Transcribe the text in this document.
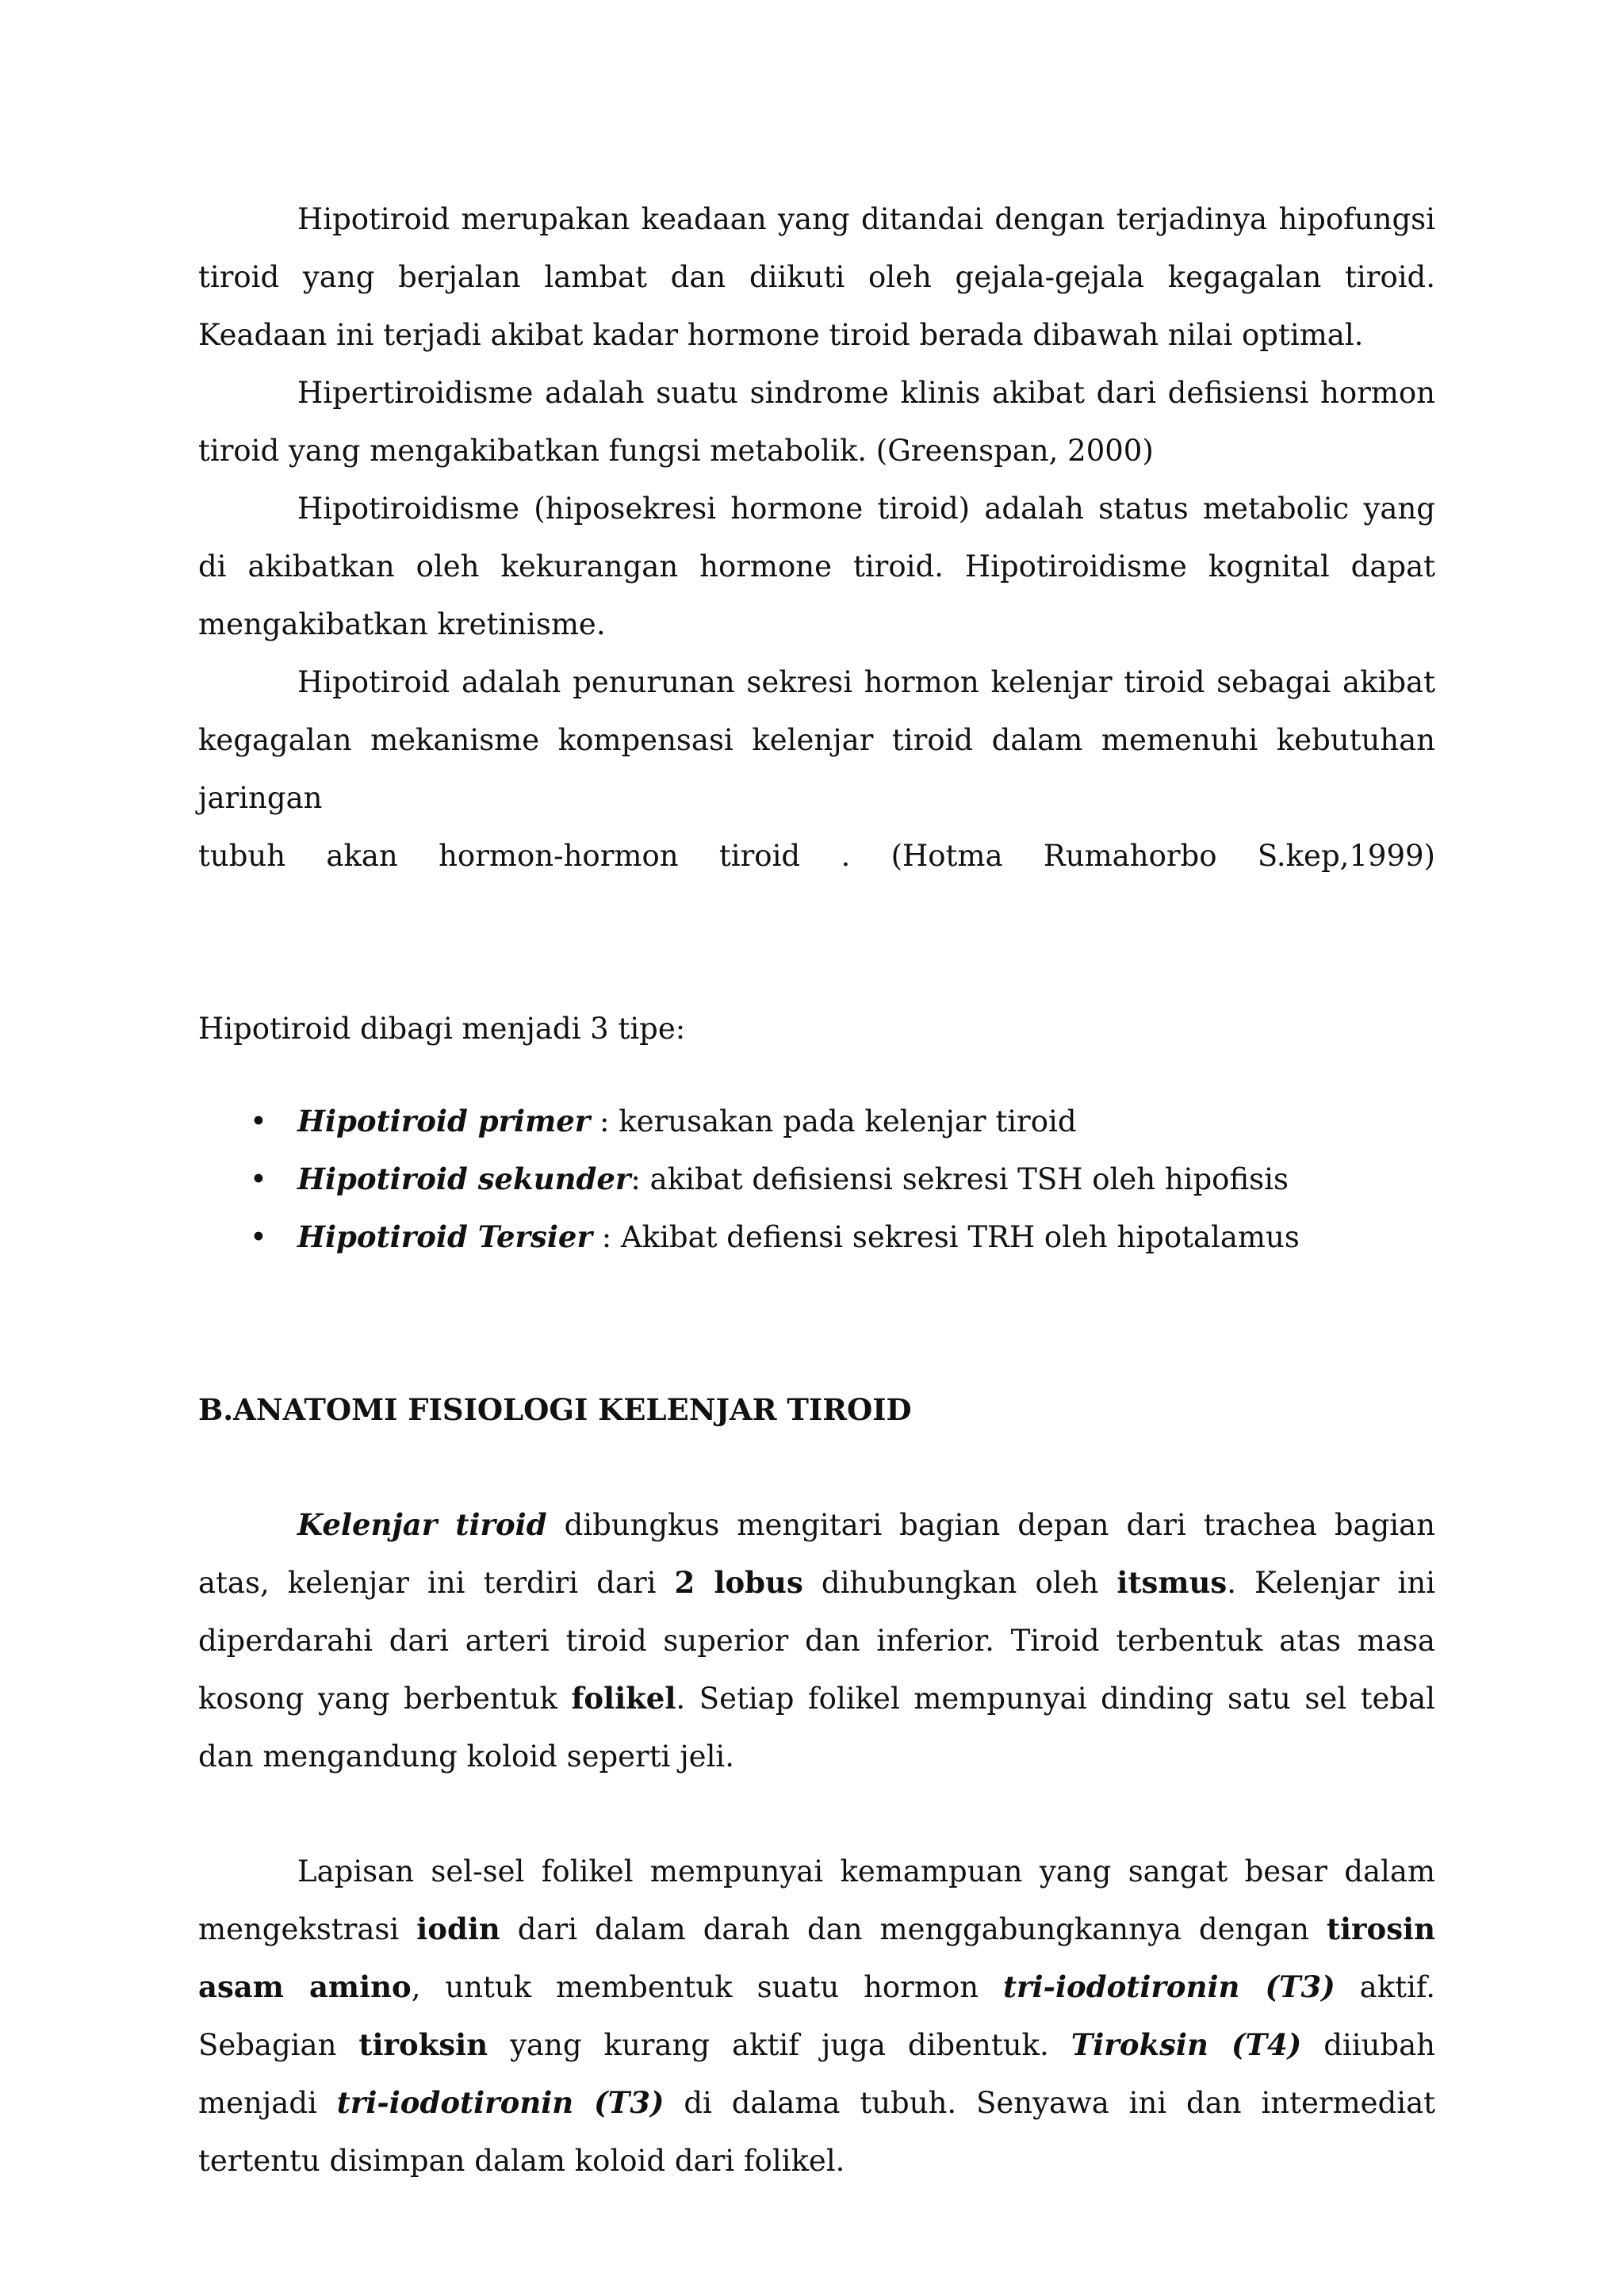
Hipotiroid merupakan keadaan yang ditandai dengan terjadinya hipofungsi tiroid yang berjalan lambat dan diikuti oleh gejala-gejala kegagalan tiroid. Keadaan ini terjadi akibat kadar hormone tiroid berada dibawah nilai optimal.

Hipertiroidisme adalah suatu sindrome klinis akibat dari defisiensi hormon tiroid yang mengakibatkan fungsi metabolik. (Greenspan, 2000)

Hipotiroidisme (hiposekresi hormone tiroid) adalah status metabolic yang di akibatkan oleh kekurangan hormone tiroid. Hipotiroidisme kognital dapat mengakibatkan kretinisme.

Hipotiroid adalah penurunan sekresi hormon kelenjar tiroid sebagai akibat kegagalan mekanisme kompensasi kelenjar tiroid dalam memenuhi kebutuhan jaringan

tubuh akan hormon-hormon tiroid . (Hotma Rumahorbo S.kep,1999)

Hipotiroid dibagi menjadi 3 tipe:

• Hipotiroid primer : kerusakan pada kelenjar tiroid
• Hipotiroid sekunder: akibat defisiensi sekresi TSH oleh hipofisis
• Hipotiroid Tersier : Akibat defiensi sekresi TRH oleh hipotalamus
B.ANATOMI FISIOLOGI KELENJAR TIROID

Kelenjar tiroid dibungkus mengitari bagian depan dari trachea bagian atas, kelenjar ini terdiri dari 2 lobus dihubungkan oleh itsmus. Kelenjar ini diperdarahi dari arteri tiroid superior dan inferior. Tiroid terbentuk atas masa kosong yang berbentuk folikel. Setiap folikel mempunyai dinding satu sel tebal dan mengandung koloid seperti jeli.

Lapisan sel-sel folikel mempunyai kemampuan yang sangat besar dalam mengekstrasi iodin dari dalam darah dan menggabungkannya dengan tirosin asam amino, untuk membentuk suatu hormon tri-iodotironin (T3) aktif. Sebagian tiroksin yang kurang aktif juga dibentuk. Tiroksin (T4) diiubah menjadi tri-iodotironin (T3) di dalama tubuh. Senyawa ini dan intermediat tertentu disimpan dalam koloid dari folikel.
